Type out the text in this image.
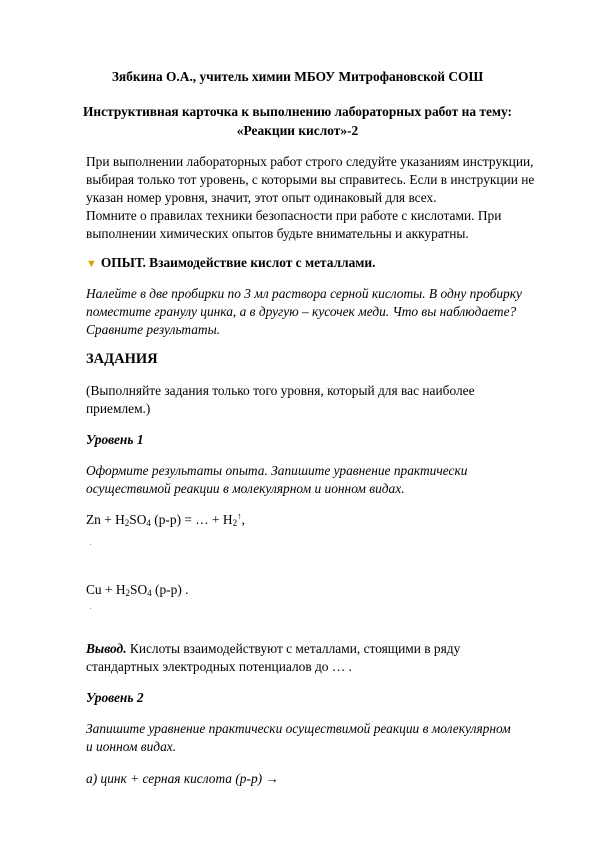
Зябкина О.А., учитель химии МБОУ Митрофановской СОШ
Инструктивная карточка к выполнению лабораторных работ на тему:
«Реакции кислот»-2
При выполнении лабораторных работ строго следуйте указаниям инструкции,
выбирая только тот уровень, с которыми вы справитесь. Если в инструкции не
указан номер уровня, значит, этот опыт одинаковый для всех.
Помните о правилах техники безопасности при работе с кислотами. При
выполнении химических опытов будьте внимательны и аккуратны.
▼ ОПЫТ. Взаимодействие кислот с металлами.
Налейте в две пробирки по 3 мл раствора серной кислоты. В одну пробирку
поместите гранулу цинка, а в другую – кусочек меди. Что вы наблюдаете?
Сравните результаты.
ЗАДАНИЯ
(Выполняйте задания только того уровня, который для вас наиболее
приемлем.)
Уровень 1
Оформите результаты опыта. Запишите уравнение практически
осуществимой реакции в молекулярном и ионном видах.
$Zn + H_2SO_4$ (р-р) = … + $H_2^↑$,
$Cu + H_2SO_4$ (р-р) .
Вывод. Кислоты взаимодействуют с металлами, стоящими в ряду
стандартных электродных потенциалов до … .
Уровень 2
Запишите уравнение практически осуществимой реакции в молекулярном
и ионном видах.
а) цинк + серная кислота (р-р) →
